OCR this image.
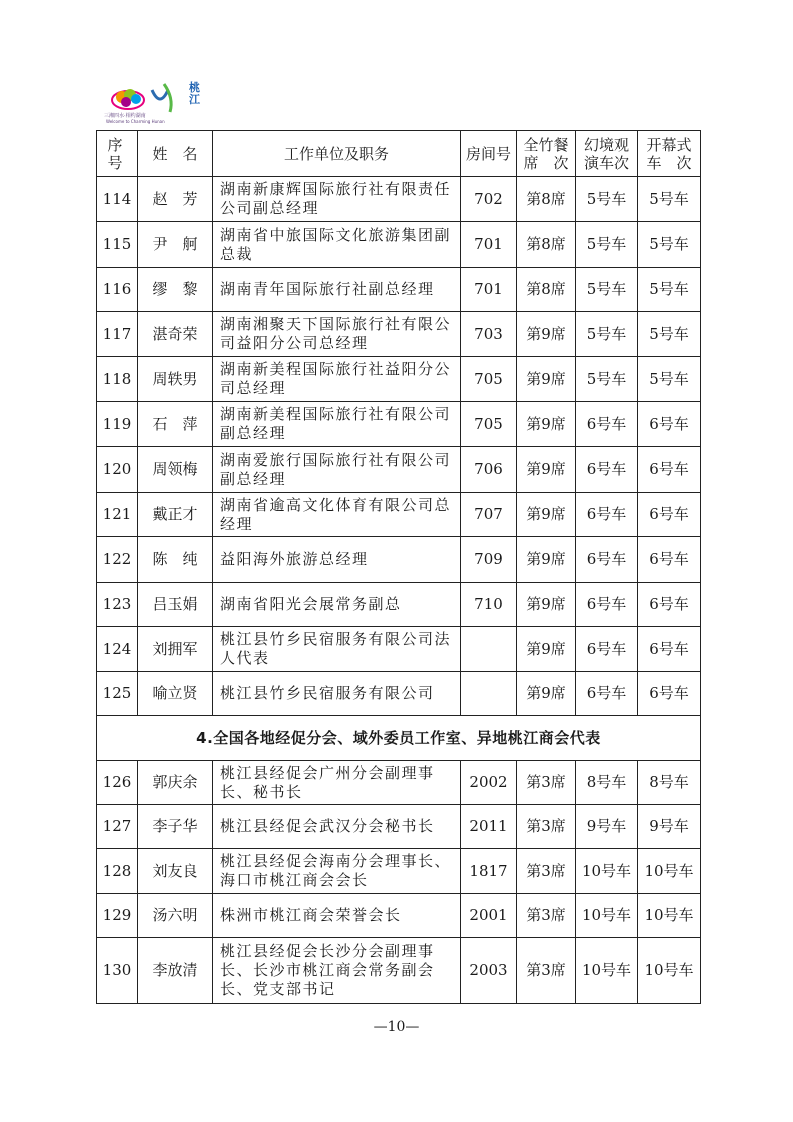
桃江
三湘四水·相约湖南
Welcome to Charming Hunan
序号	姓　名	工作单位及职务	房间号	全竹餐席　次	幻境观演车次	开幕式车　次
114	赵　芳	湖南新康辉国际旅行社有限责任公司副总经理	702	第8席	5号车	5号车
115	尹　舸	湖南省中旅国际文化旅游集团副总裁	701	第8席	5号车	5号车
116	缪　黎	湖南青年国际旅行社副总经理	701	第8席	5号车	5号车
117	湛奇荣	湖南湘聚天下国际旅行社有限公司益阳分公司总经理	703	第9席	5号车	5号车
118	周轶男	湖南新美程国际旅行社益阳分公司总经理	705	第9席	5号车	5号车
119	石　萍	湖南新美程国际旅行社有限公司副总经理	705	第9席	6号车	6号车
120	周领梅	湖南爱旅行国际旅行社有限公司副总经理	706	第9席	6号车	6号车
121	戴正才	湖南省逾高文化体育有限公司总经理	707	第9席	6号车	6号车
122	陈　纯	益阳海外旅游总经理	709	第9席	6号车	6号车
123	吕玉娟	湖南省阳光会展常务副总	710	第9席	6号车	6号车
124	刘拥军	桃江县竹乡民宿服务有限公司法人代表		第9席	6号车	6号车
125	喻立贤	桃江县竹乡民宿服务有限公司		第9席	6号车	6号车
4.全国各地经促分会、域外委员工作室、异地桃江商会代表						
126	郭庆余	桃江县经促会广州分会副理事长、秘书长	2002	第3席	8号车	8号车
127	李子华	桃江县经促会武汉分会秘书长	2011	第3席	9号车	9号车
128	刘友良	桃江县经促会海南分会理事长、海口市桃江商会会长	1817	第3席	10号车	10号车
129	汤六明	株洲市桃江商会荣誉会长	2001	第3席	10号车	10号车
130	李放清	桃江县经促会长沙分会副理事长、长沙市桃江商会常务副会长、党支部书记	2003	第3席	10号车	10号车
—10—
